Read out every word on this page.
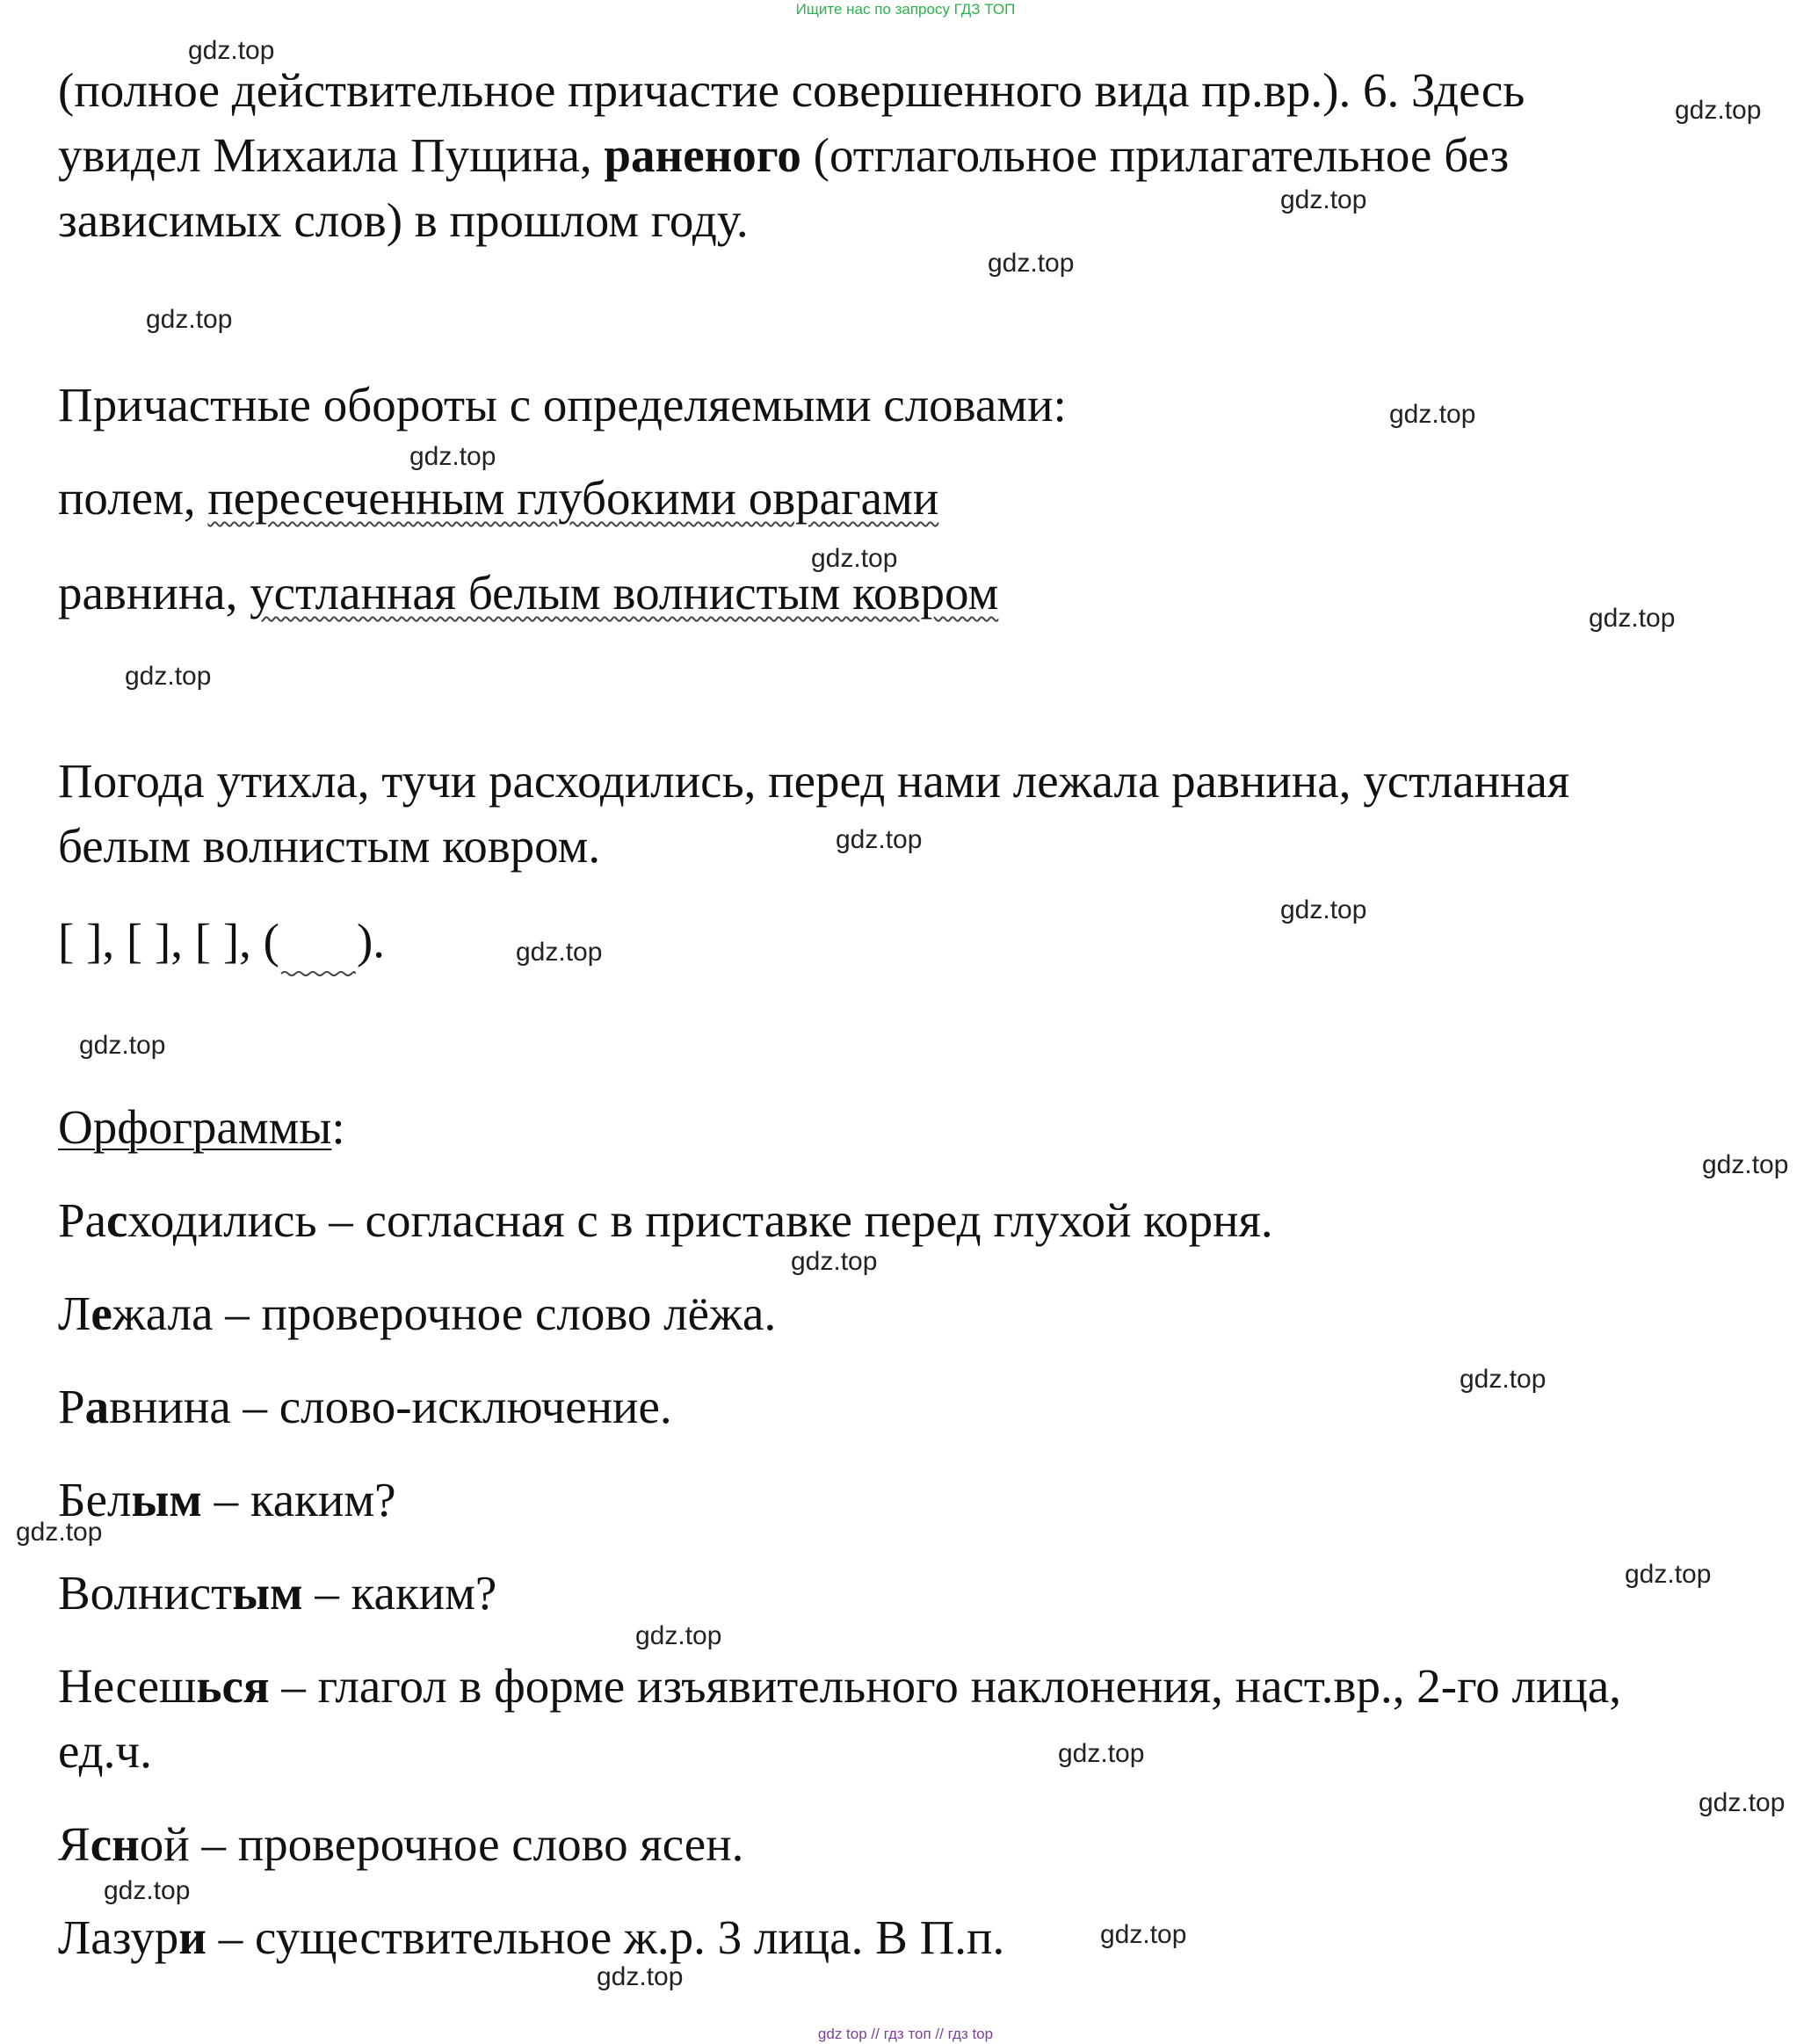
Ищите нас по запросу ГДЗ ТОП
(полное действительное причастие совершенного вида пр.вр.). 6. Здесь
увидел Михаила Пущина, раненого (отглагольное прилагательное без
зависимых слов) в прошлом году.
Причастные обороты с определяемыми словами:
полем, пересеченным глубокими оврагами
равнина, устланная белым волнистым ковром
Погода утихла, тучи расходились, перед нами лежала равнина, устланная
белым волнистым ковром.
[ ], [ ], [ ], ( ).
Орфограммы:
Расходились – согласная с в приставке перед глухой корня.
Лежала – проверочное слово лёжа.
Равнина – слово-исключение.
Белым – каким?
Волнистым – каким?
Несешься – глагол в форме изъявительного наклонения, наст.вр., 2-го лица,
ед.ч.
Ясной – проверочное слово ясен.
Лазури – существительное ж.р. 3 лица. В П.п.
gdz.top
gdz.top
gdz.top
gdz.top
gdz.top
gdz.top
gdz.top
gdz.top
gdz.top
gdz.top
gdz.top
gdz.top
gdz.top
gdz.top
gdz.top
gdz.top
gdz.top
gdz.top
gdz.top
gdz.top
gdz.top
gdz.top
gdz.top
gdz.top
gdz.top
gdz top // гдз топ // гдз top
